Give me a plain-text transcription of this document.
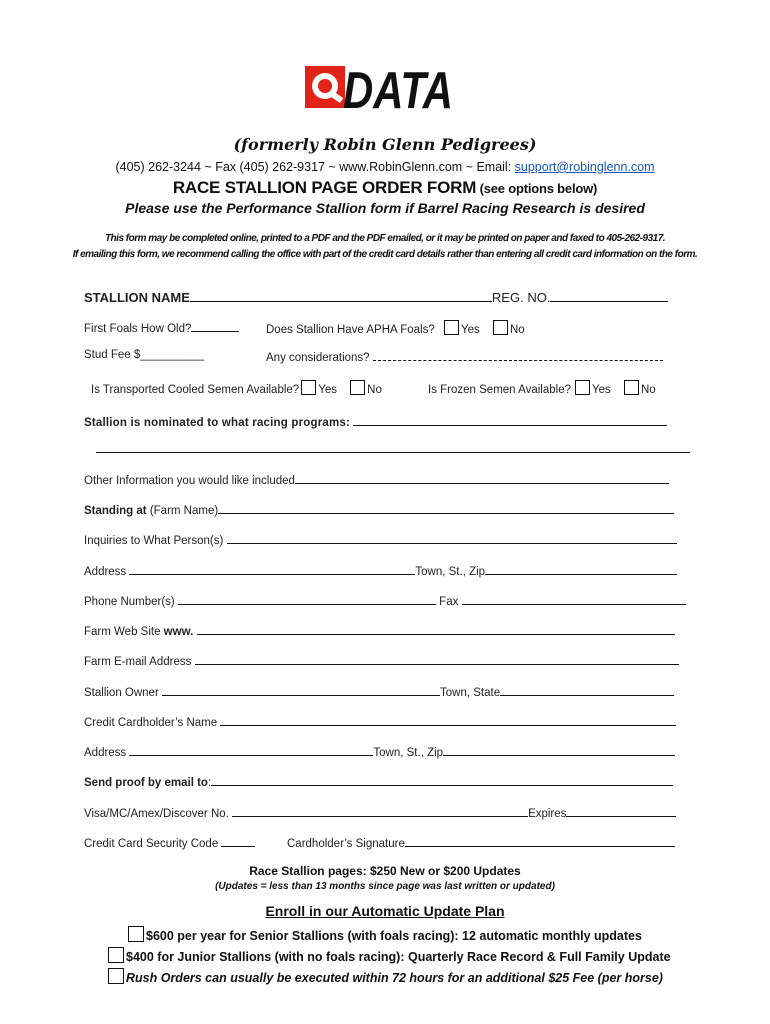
DATA
(formerly Robin Glenn Pedigrees)
(405) 262-3244 ~ Fax (405) 262-9317 ~ www.RobinGlenn.com ~ Email: support@robinglenn.com
RACE STALLION PAGE ORDER FORM (see options below)
Please use the Performance Stallion form if Barrel Racing Research is desired
This form may be completed online, printed to a PDF and the PDF emailed, or it may be printed on paper and faxed to 405-262-9317.
If emailing this form, we recommend calling the office with part of the credit card details rather than entering all credit card information on the form.
STALLION NAME	REG. NO.
First Foals How Old?	Does Stallion Have APHA Foals? Yes	No
Stud Fee $__________	Any considerations?
Is Transported Cooled Semen Available? Yes	No	Is Frozen Semen Available? Yes	No
Stallion is nominated to what racing programs:
Other Information you would like included
Standing at (Farm Name)
Inquiries to What Person(s)
Address	Town, St., Zip
Phone Number(s)	Fax
Farm Web Site www.
Farm E-mail Address
Stallion Owner	Town, State
Credit Cardholder’s Name
Address	Town, St., Zip
Send proof by email to:
Visa/MC/Amex/Discover No.	Expires
Credit Card Security Code	Cardholder’s Signature
Race Stallion pages: $250 New or $200 Updates
(Updates = less than 13 months since page was last written or updated)
Enroll in our Automatic Update Plan
$600 per year for Senior Stallions (with foals racing): 12 automatic monthly updates
$400 for Junior Stallions (with no foals racing): Quarterly Race Record & Full Family Update
Rush Orders can usually be executed within 72 hours for an additional $25 Fee (per horse)
